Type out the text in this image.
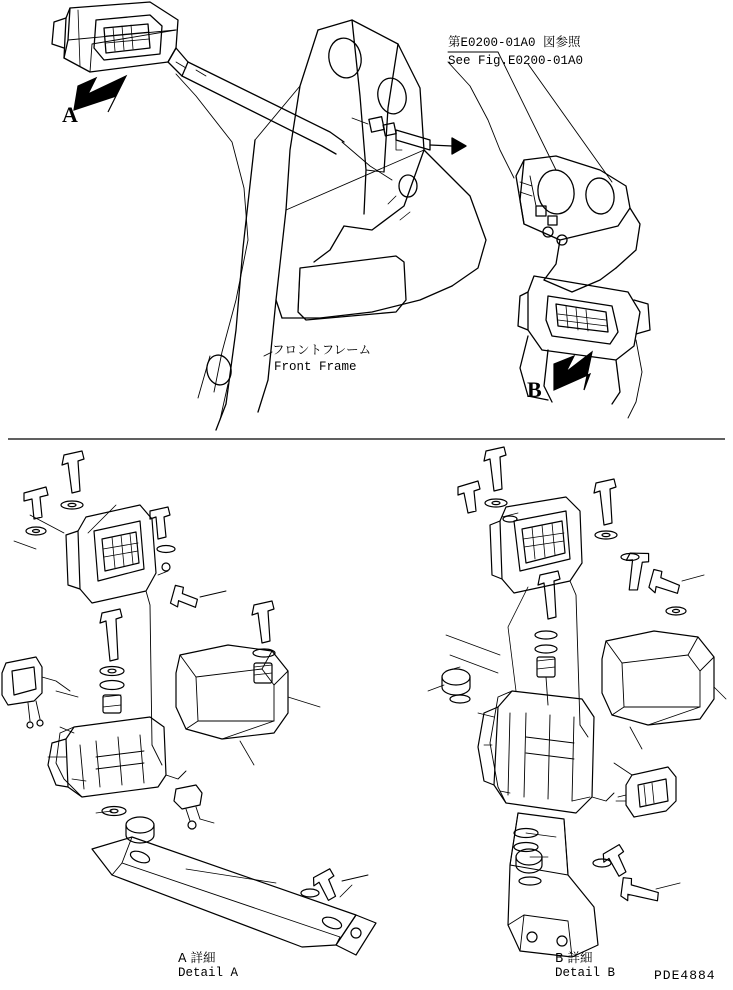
A
B
第E0200-01A0 図参照
See Fig.E0200-01A0
フロントフレーム
Front Frame
A 詳細
Detail A
B 詳細
Detail B	PDE4884
